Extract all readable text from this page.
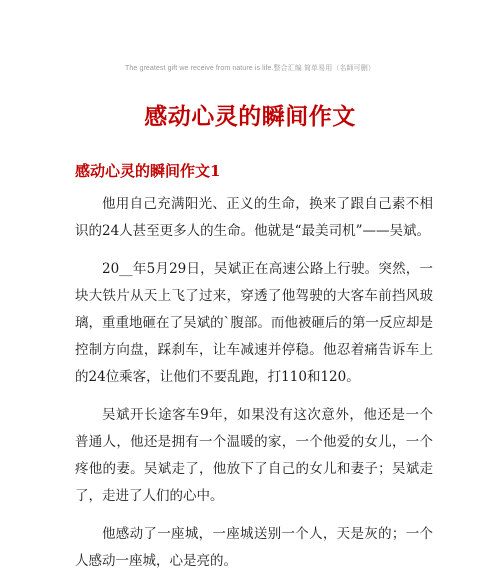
The greatest gift we receive from nature is life.整合汇编 简单易用（名師可删）
感动心灵的瞬间作文
感动心灵的瞬间作文1

他用自己充满阳光、正义的生命，换来了跟自己素不相识的24人甚至更多人的生命。他就是“最美司机”——吴斌。

20__年5月29日，吴斌正在高速公路上行驶。突然，一块大铁片从天上飞了过来，穿透了他驾驶的大客车前挡风玻璃，重重地砸在了吴斌的`腹部。而他被砸后的第一反应却是控制方向盘，踩刹车，让车减速并停稳。他忍着痛告诉车上的24位乘客，让他们不要乱跑，打110和120。

吴斌开长途客车9年，如果没有这次意外，他还是一个普通人，他还是拥有一个温暖的家，一个他爱的女儿，一个疼他的妻。吴斌走了，他放下了自己的女儿和妻子；吴斌走了，走进了人们的心中。

他感动了一座城，一座城送别一个人，天是灰的；一个人感动一座城，心是亮的。
